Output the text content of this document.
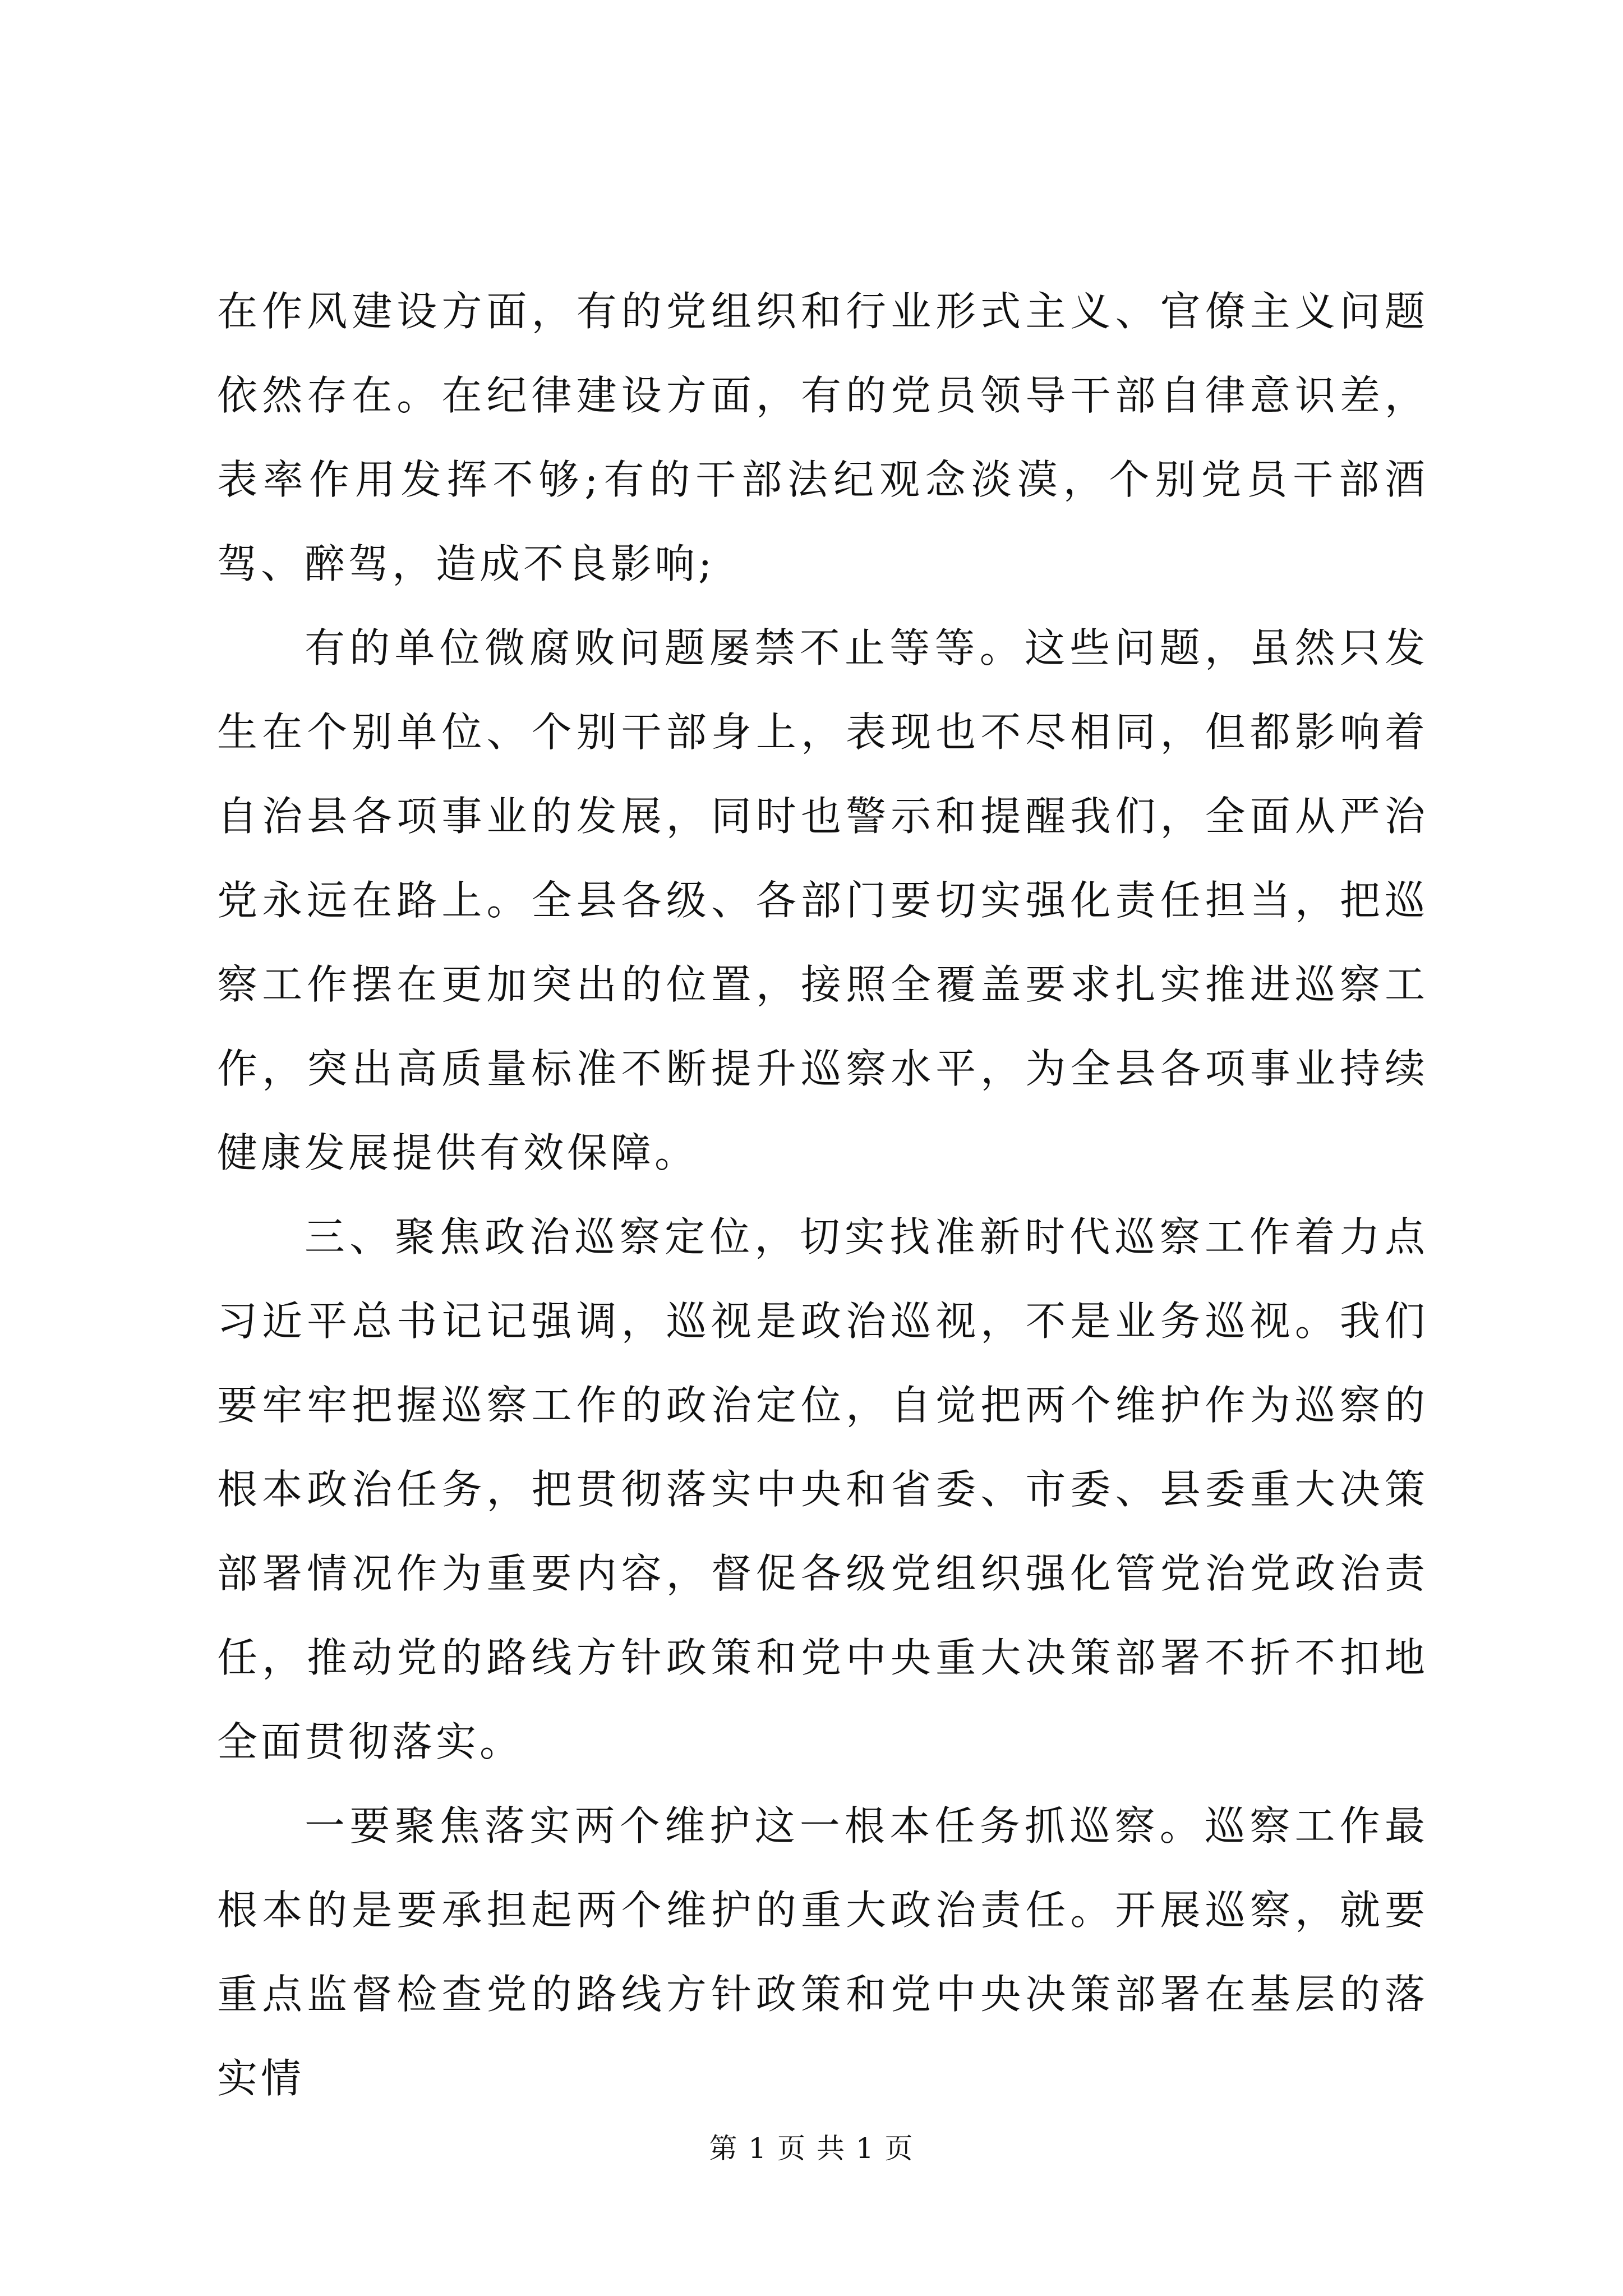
在作风建设方面，有的党组织和行业形式主义、官僚主义问题依然存在。在纪律建设方面，有的党员领导干部自律意识差，表率作用发挥不够;有的干部法纪观念淡漠，个别党员干部酒驾、醉驾，造成不良影响;

有的单位微腐败问题屡禁不止等等。这些问题，虽然只发生在个别单位、个别干部身上，表现也不尽相同，但都影响着自治县各项事业的发展，同时也警示和提醒我们，全面从严治党永远在路上。全县各级、各部门要切实强化责任担当，把巡察工作摆在更加突出的位置，接照全覆盖要求扎实推进巡察工作，突出高质量标准不断提升巡察水平，为全县各项事业持续健康发展提供有效保障。

三、聚焦政治巡察定位，切实找准新时代巡察工作着力点习近平总书记记强调，巡视是政治巡视，不是业务巡视。我们要牢牢把握巡察工作的政治定位，自觉把两个维护作为巡察的根本政治任务，把贯彻落实中央和省委、市委、县委重大决策部署情况作为重要内容，督促各级党组织强化管党治党政治责任，推动党的路线方针政策和党中央重大决策部署不折不扣地全面贯彻落实。

一要聚焦落实两个维护这一根本任务抓巡察。巡察工作最根本的是要承担起两个维护的重大政治责任。开展巡察，就要重点监督检查党的路线方针政策和党中央决策部署在基层的落实情

第 1 页 共 1 页
